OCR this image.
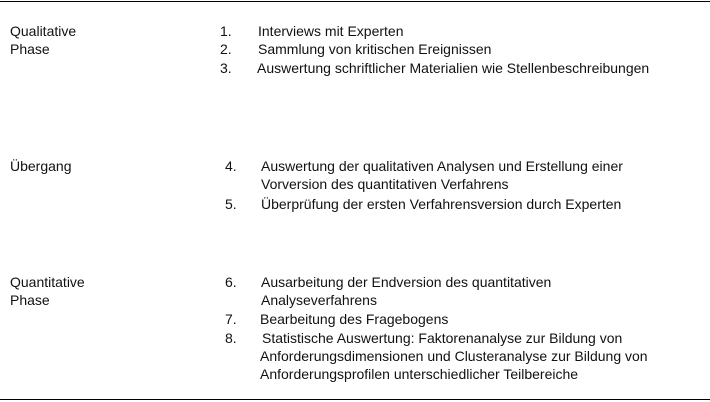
Qualitative
Phase
1. Interviews mit Experten
2. Sammlung von kritischen Ereignissen
3. Auswertung schriftlicher Materialien wie Stellenbeschreibungen
Übergang	4. Auswertung der qualitativen Analysen und Erstellung einer
Vorversion des quantitativen Verfahrens
5. Überprüfung der ersten Verfahrensversion durch Experten
Quantitative
Phase
6. Ausarbeitung der Endversion des quantitativen
Analyseverfahrens
7. Bearbeitung des Fragebogens
8. Statistische Auswertung: Faktorenanalyse zur Bildung von
Anforderungsdimensionen und Clusteranalyse zur Bildung von
Anforderungsprofilen unterschiedlicher Teilbereiche
